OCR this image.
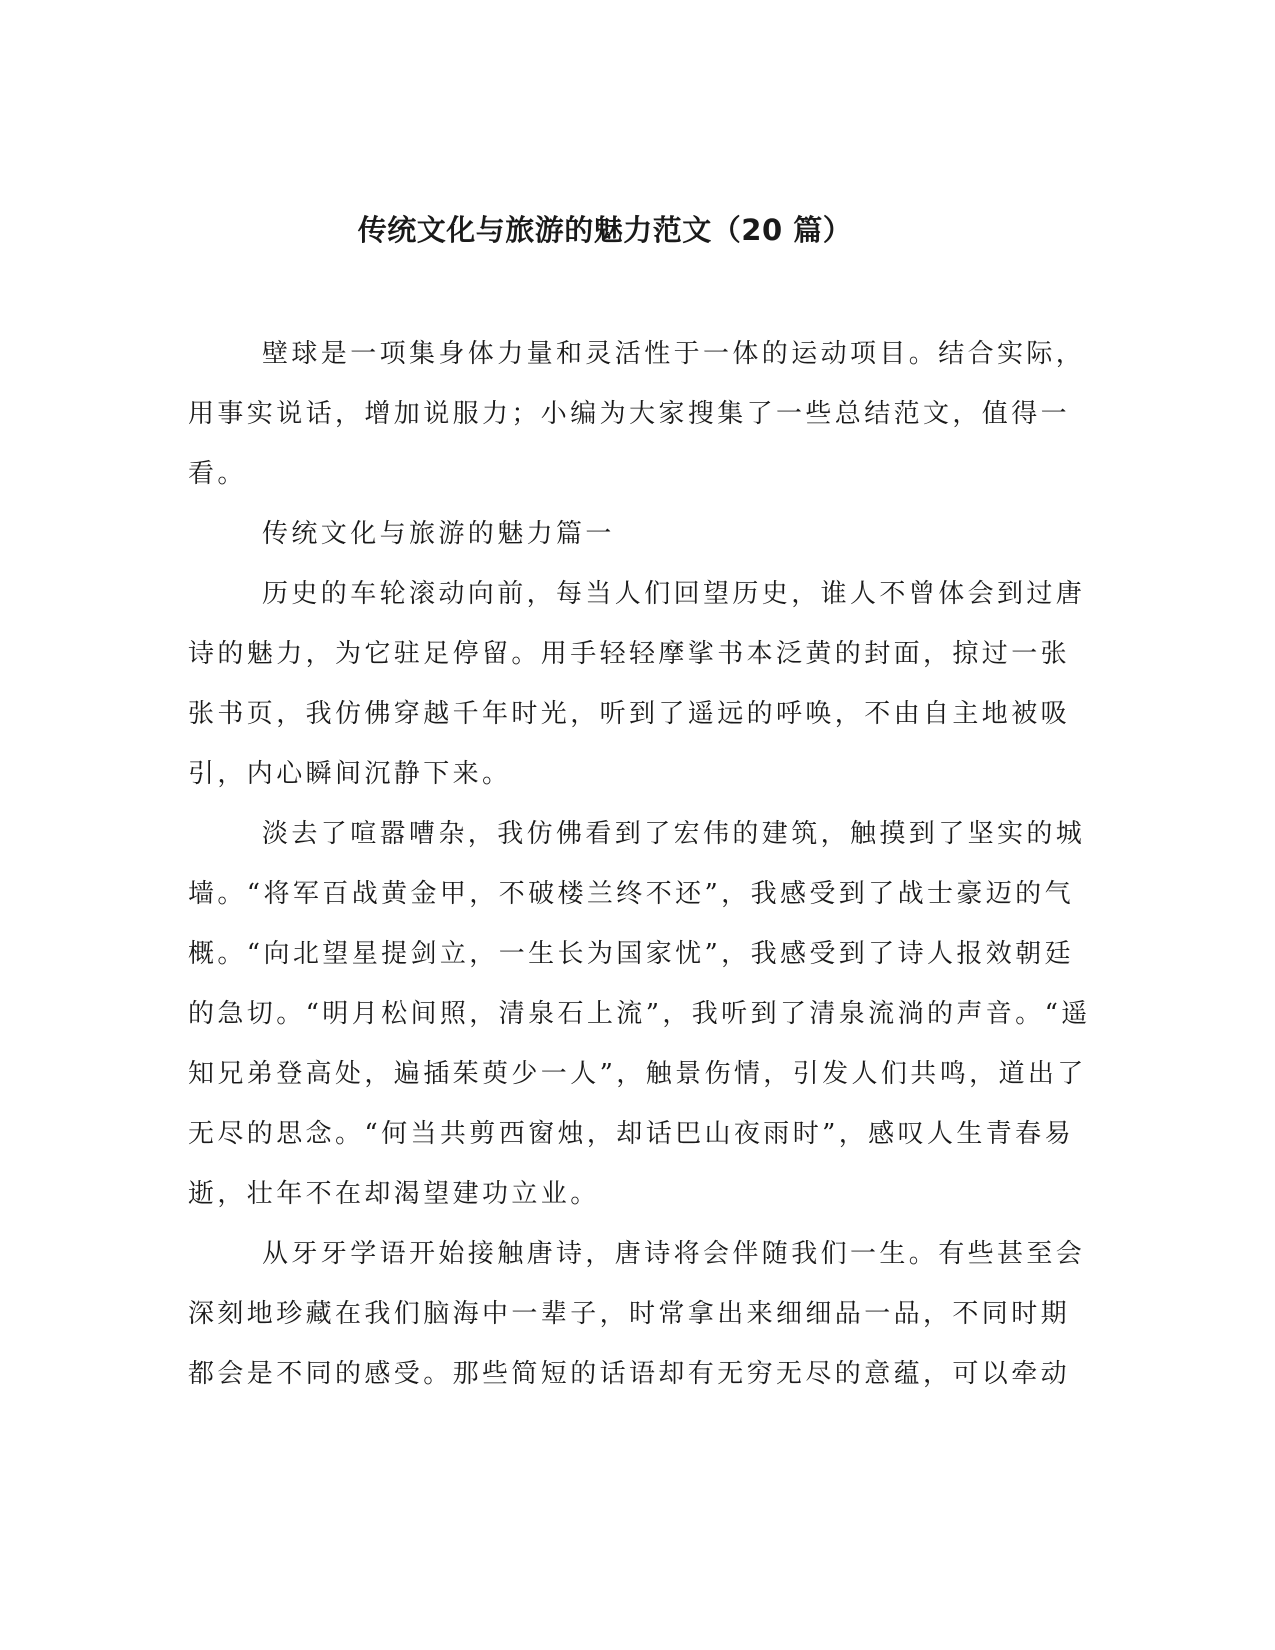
传统文化与旅游的魅力范文（20 篇）
壁球是一项集身体力量和灵活性于一体的运动项目。结合实际，
用事实说话，增加说服力；小编为大家搜集了一些总结范文，值得一
看。
传统文化与旅游的魅力篇一
历史的车轮滚动向前，每当人们回望历史，谁人不曾体会到过唐
诗的魅力，为它驻足停留。用手轻轻摩挲书本泛黄的封面，掠过一张
张书页，我仿佛穿越千年时光，听到了遥远的呼唤，不由自主地被吸
引，内心瞬间沉静下来。
淡去了喧嚣嘈杂，我仿佛看到了宏伟的建筑，触摸到了坚实的城
墙。“将军百战黄金甲，不破楼兰终不还”，我感受到了战士豪迈的气
概。“向北望星提剑立，一生长为国家忧”，我感受到了诗人报效朝廷
的急切。“明月松间照，清泉石上流”，我听到了清泉流淌的声音。“遥
知兄弟登高处，遍插茱萸少一人”，触景伤情，引发人们共鸣，道出了
无尽的思念。“何当共剪西窗烛，却话巴山夜雨时”，感叹人生青春易
逝，壮年不在却渴望建功立业。
从牙牙学语开始接触唐诗，唐诗将会伴随我们一生。有些甚至会
深刻地珍藏在我们脑海中一辈子，时常拿出来细细品一品，不同时期
都会是不同的感受。那些简短的话语却有无穷无尽的意蕴，可以牵动
